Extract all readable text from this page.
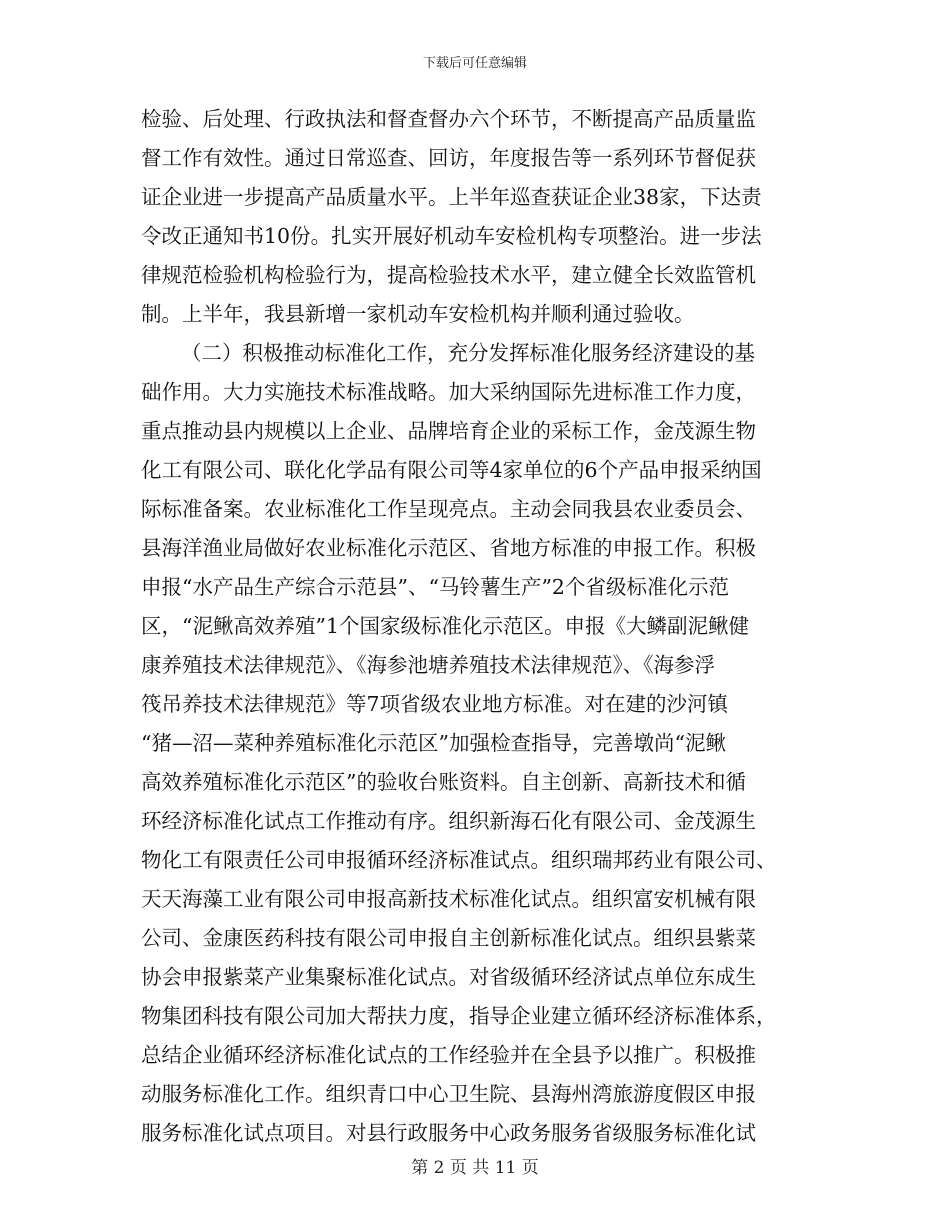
下载后可任意编辑
检验、后处理、行政执法和督查督办六个环节，不断提高产品质量监
督工作有效性。通过日常巡查、回访，年度报告等一系列环节督促获
证企业进一步提高产品质量水平。上半年巡查获证企业38家，下达责
令改正通知书10份。扎实开展好机动车安检机构专项整治。进一步法
律规范检验机构检验行为，提高检验技术水平，建立健全长效监管机
制。上半年，我县新增一家机动车安检机构并顺利通过验收。
（二）积极推动标准化工作，充分发挥标准化服务经济建设的基
础作用。大力实施技术标准战略。加大采纳国际先进标准工作力度，
重点推动县内规模以上企业、品牌培育企业的采标工作，金茂源生物
化工有限公司、联化化学品有限公司等4家单位的6个产品申报采纳国
际标准备案。农业标准化工作呈现亮点。主动会同我县农业委员会、
县海洋渔业局做好农业标准化示范区、省地方标准的申报工作。积极
申报“水产品生产综合示范县”、“马铃薯生产”2个省级标准化示范
区，“泥鳅高效养殖”1个国家级标准化示范区。申报《大鳞副泥鳅健
康养殖技术法律规范》、《海参池塘养殖技术法律规范》、《海参浮
筏吊养技术法律规范》等7项省级农业地方标准。对在建的沙河镇
“猪—沼—菜种养殖标准化示范区”加强检查指导，完善墩尚“泥鳅
高效养殖标准化示范区”的验收台账资料。自主创新、高新技术和循
环经济标准化试点工作推动有序。组织新海石化有限公司、金茂源生
物化工有限责任公司申报循环经济标准试点。组织瑞邦药业有限公司、
天天海藻工业有限公司申报高新技术标准化试点。组织富安机械有限
公司、金康医药科技有限公司申报自主创新标准化试点。组织县紫菜
协会申报紫菜产业集聚标准化试点。对省级循环经济试点单位东成生
物集团科技有限公司加大帮扶力度，指导企业建立循环经济标准体系，
总结企业循环经济标准化试点的工作经验并在全县予以推广。积极推
动服务标准化工作。组织青口中心卫生院、县海州湾旅游度假区申报
服务标准化试点项目。对县行政服务中心政务服务省级服务标准化试
第 2 页 共 11 页
